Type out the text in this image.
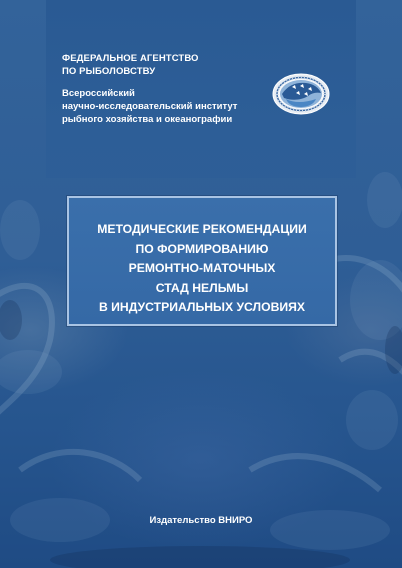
ФЕДЕРАЛЬНОЕ АГЕНТСТВО
ПО РЫБОЛОВСТВУ

Всероссийский
научно-исследовательский институт
рыбного хозяйства и океанографии

МЕТОДИЧЕСКИЕ РЕКОМЕНДАЦИИ
ПО ФОРМИРОВАНИЮ
РЕМОНТНО-МАТОЧНЫХ
СТАД НЕЛЬМЫ
В ИНДУСТРИАЛЬНЫХ УСЛОВИЯХ

Издательство ВНИРО
